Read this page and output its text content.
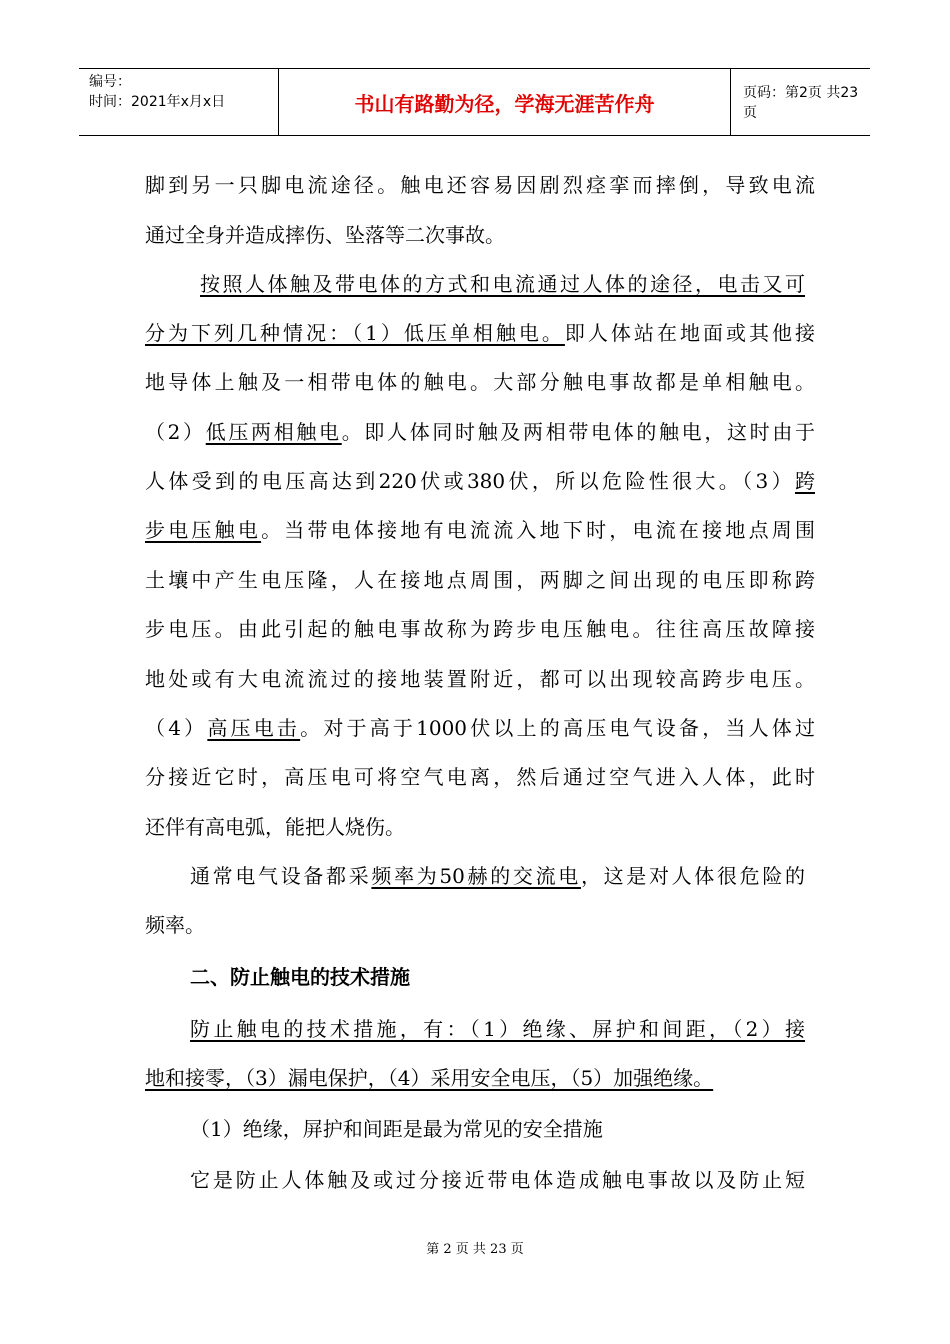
编号：
时间：2021年x月x日	书山有路勤为径，学海无涯苦作舟	页码：第2页 共23页
脚到另一只脚电流途径。触电还容易因剧烈痉挛而摔倒，导致电流
通过全身并造成摔伤、坠落等二次事故。
按照人体触及带电体的方式和电流通过人体的途径，电击又可
分为下列几种情况：（1）低压单相触电。即人体站在地面或其他接
地导体上触及一相带电体的触电。大部分触电事故都是单相触电。
（2）低压两相触电。即人体同时触及两相带电体的触电，这时由于
人体受到的电压高达到220伏或380伏，所以危险性很大。（3）跨
步电压触电。当带电体接地有电流流入地下时，电流在接地点周围
土壤中产生电压隆，人在接地点周围，两脚之间出现的电压即称跨
步电压。由此引起的触电事故称为跨步电压触电。往往高压故障接
地处或有大电流流过的接地装置附近，都可以出现较高跨步电压。
（4）高压电击。对于高于1000伏以上的高压电气设备，当人体过
分接近它时，高压电可将空气电离，然后通过空气进入人体，此时
还伴有高电弧，能把人烧伤。
通常电气设备都采频率为50赫的交流电，这是对人体很危险的
频率。
二、防止触电的技术措施
防止触电的技术措施，有：（1）绝缘、屏护和间距，（2）接
地和接零，（3）漏电保护，（4）采用安全电压，（5）加强绝缘。
（1）绝缘，屏护和间距是最为常见的安全措施
它是防止人体触及或过分接近带电体造成触电事故以及防止短
第 2 页 共 23 页
